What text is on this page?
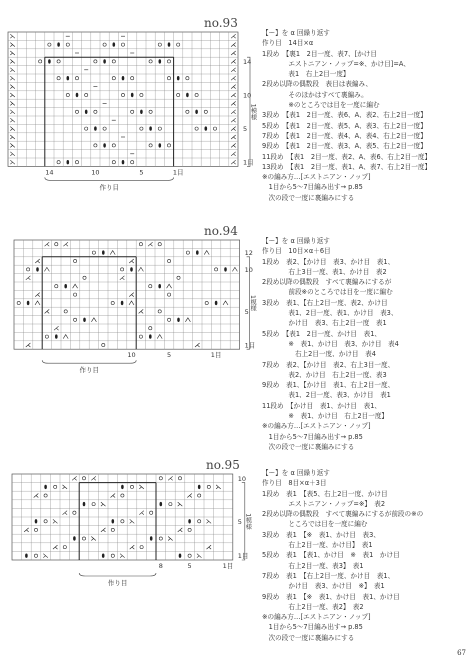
no.93
14
10
5
1目
14	10	5	1目
1模様
作り目
【ー】を α 回繰り返す
作り目　14目×α
1段め　【裏1　2目一度、表7、[かけ目
　　　　エストニアン・ノップ=※、かけ目]=A、
　　　　表1　右上2目一度】
2段め以降の偶数段　表目は表編み、
　　　　そのほかはすべて裏編み。
　　　　※のところでは目を一度に編む
3段め　【表1　2目一度、表6、A、表2、右上2目一度】
5段め　【表1　2目一度、表5、A、表3、右上2目一度】
7段め　【表1　2目一度、表4、A、表4、右上2目一度】
9段め　【表1　2目一度、表3、A、表5、右上2目一度】
11段め　【表1　2目一度、表2、A、表6、右上2目一度】
13段め　【表1　2目一度、表1、A、表7、右上2目一度】
※の編み方…[エストニアン・ノップ]
　1目から5〜7目編み出す→ p.85
　次の段で一度に裏編みにする
no.94
12
10
5
1目
10	5	1目
1模様
作り目
【ー】を α 回繰り返す
作り目　10目×α＋6目
1段め　表2、【かけ目　表3、かけ目　表1、
　　　　右上3目一度、表1、かけ目　表2
2段め以降の偶数段　すべて裏編みにするが
　　　　前段※のところでは目を一度に編む
3段め　表1、【右上2目一度、表2、かけ目
　　　　表1、2目一度、表1、かけ目　表3、
　　　　かけ目　表3、右上2目一度　表1
5段め　【表1　2目一度、かけ目　表1、
　　　　※　表1、かけ目　表3、かけ目　表4
　　　　　右上2目一度、かけ目　表4
7段め　表2、【かけ目　表2、右上3目一度、
　　　　表2、かけ目　右上2目一度、表3
9段め　表1、【かけ目　表1、右上2目一度、
　　　　表1、2目一度、表3、かけ目　表1
11段め　【かけ目　表1、かけ目　表1、
　　　　※　表1、かけ目　右上2目一度】
※の編み方…[エストニアン・ノップ]
　1目から5〜7目編み出す→ p.85
　次の段で一度に裏編みにする
no.95
10
5
1目
8	5	1目
1模様
作り目
【ー】を α 回繰り返す
作り目　8目×α＋3目
1段め　表1　【表5、右上2目一度、かけ目
　　　　エストニアン・ノップ=※】　表2
2段め以降の偶数段　すべて裏編みにするが前段の※の
　　　　ところでは目を一度に編む
3段め　表1　【※　表1、かけ目　表3、
　　　　右上2目一度、かけ目】　表1
5段め　表1　【表1、かけ目　※　表1　かけ目
　　　　右上2目一度、表3】　表1
7段め　表1　【右上2目一度、かけ目　表1、
　　　　かけ目　表3、かけ目　※】　表1
9段め　表1　【※　表1、かけ目　表1、かけ目
　　　　右上2目一度、表2】　表2
※の編み方…[エストニアン・ノップ]
　1目から5〜7目編み出す→ p.85
　次の段で一度に裏編みにする
67
